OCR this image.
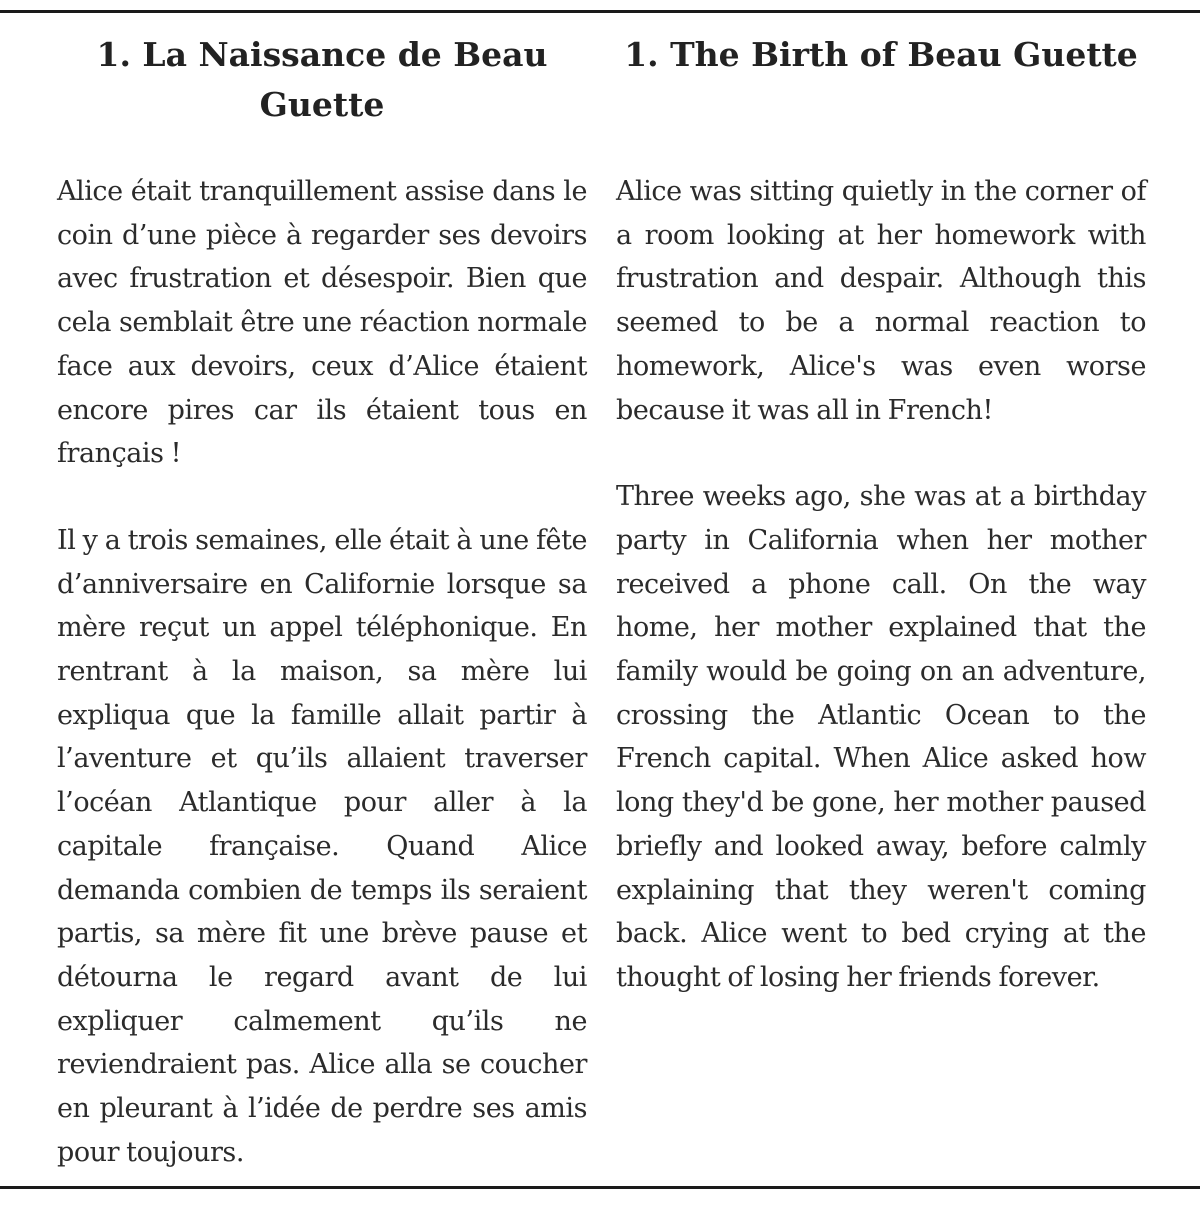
1. La Naissance de Beau Guette

Alice était tranquillement assise dans le coin d’une pièce à regarder ses devoirs avec frustration et désespoir. Bien que cela semblait être une réaction normale face aux devoirs, ceux d’Alice étaient encore pires car ils étaient tous en français !

Il y a trois semaines, elle était à une fête d’anniversaire en Californie lorsque sa mère reçut un appel téléphonique. En rentrant à la maison, sa mère lui expliqua que la famille allait partir à l’aventure et qu’ils allaient traverser l’océan Atlantique pour aller à la capitale française. Quand Alice demanda combien de temps ils seraient partis, sa mère fit une brève pause et détourna le regard avant de lui expliquer calmement qu’ils ne reviendraient pas. Alice alla se coucher en pleurant à l’idée de perdre ses amis pour toujours.

1. The Birth of Beau Guette

Alice was sitting quietly in the corner of a room looking at her homework with frustration and despair. Although this seemed to be a normal reaction to homework, Alice's was even worse because it was all in French!

Three weeks ago, she was at a birthday party in California when her mother received a phone call. On the way home, her mother explained that the family would be going on an adventure, crossing the Atlantic Ocean to the French capital. When Alice asked how long they'd be gone, her mother paused briefly and looked away, before calmly explaining that they weren't coming back. Alice went to bed crying at the thought of losing her friends forever.
